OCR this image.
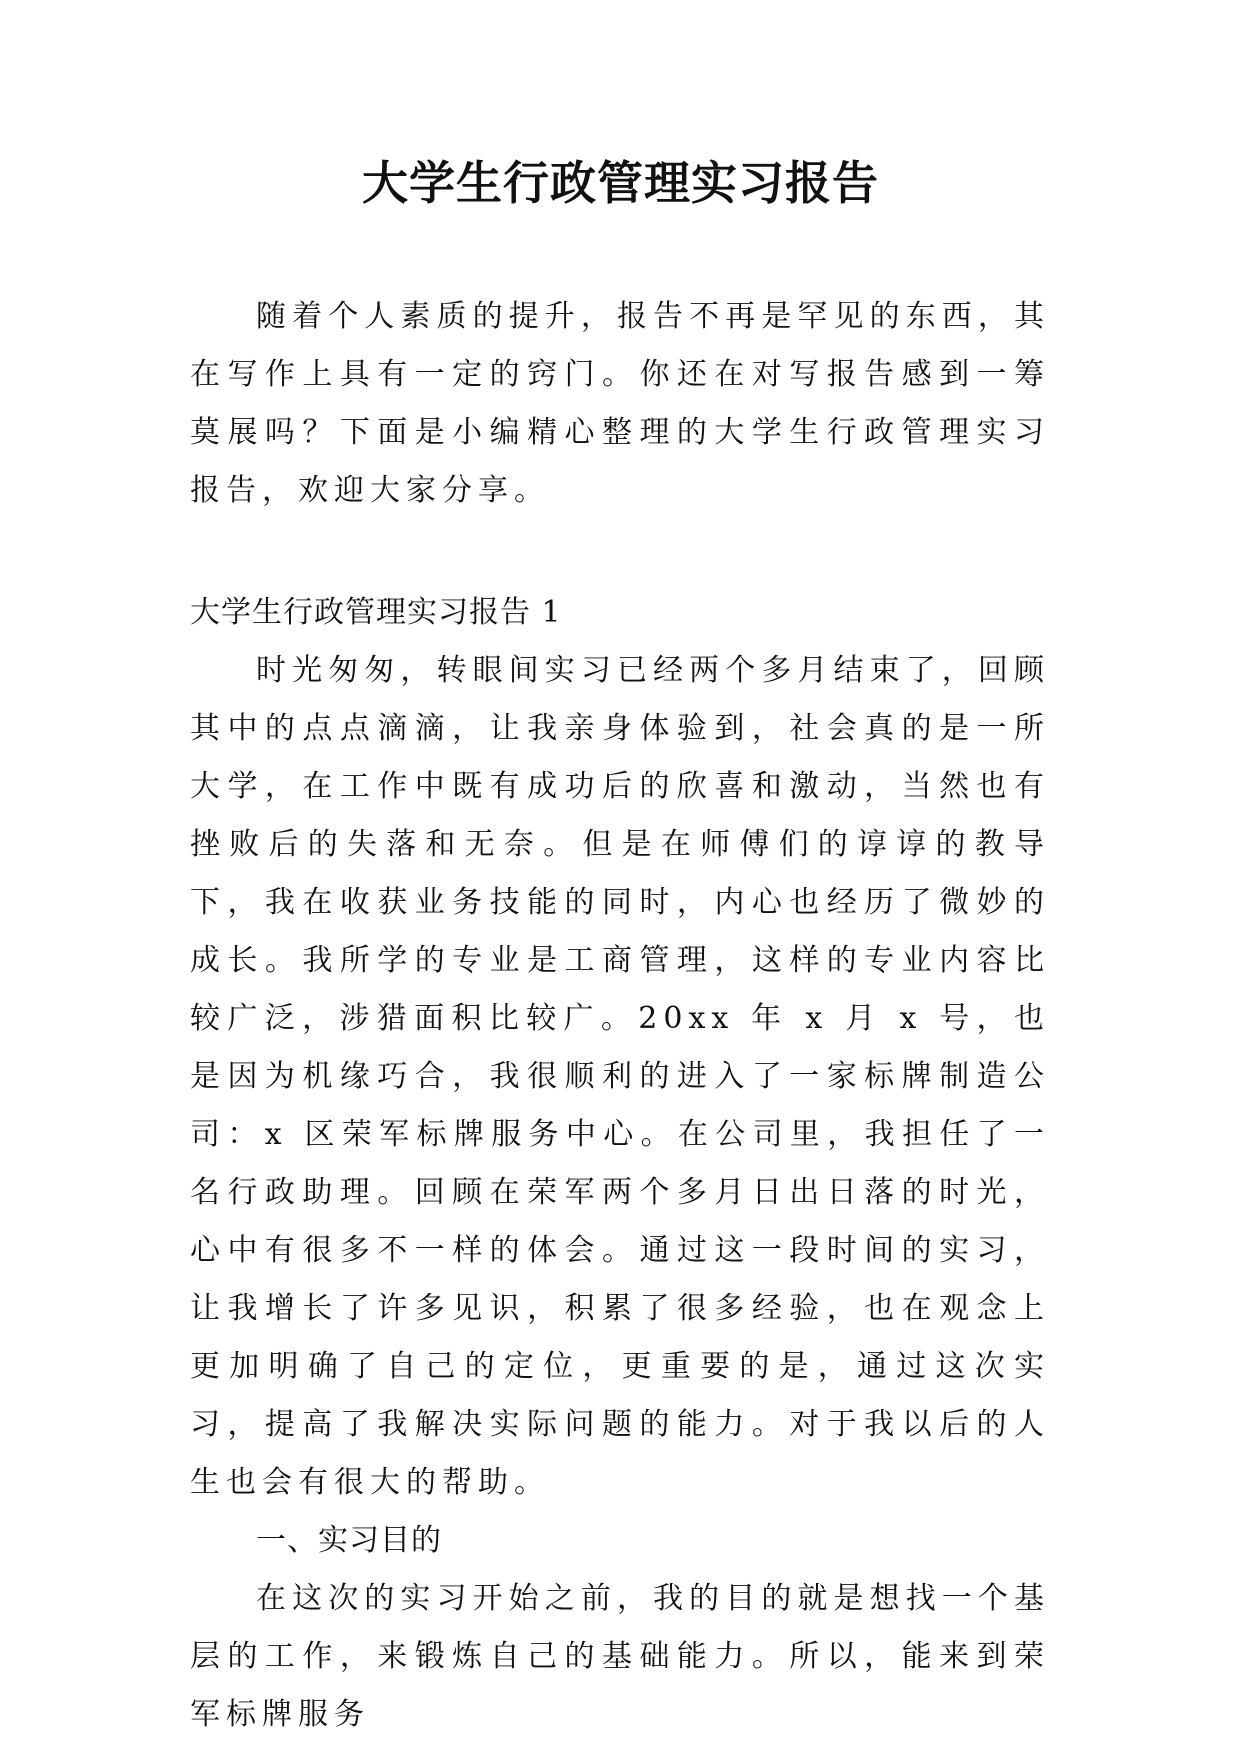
大学生行政管理实习报告

随着个人素质的提升，报告不再是罕见的东西，其在写作上具有一定的窍门。你还在对写报告感到一筹莫展吗？下面是小编精心整理的大学生行政管理实习报告，欢迎大家分享。

大学生行政管理实习报告 1

时光匆匆，转眼间实习已经两个多月结束了，回顾其中的点点滴滴，让我亲身体验到，社会真的是一所大学，在工作中既有成功后的欣喜和激动，当然也有挫败后的失落和无奈。但是在师傅们的谆谆的教导下，我在收获业务技能的同时，内心也经历了微妙的成长。我所学的专业是工商管理，这样的专业内容比较广泛，涉猎面积比较广。20xx 年 x 月 x 号，也是因为机缘巧合，我很顺利的进入了一家标牌制造公司：x 区荣军标牌服务中心。在公司里，我担任了一名行政助理。回顾在荣军两个多月日出日落的时光，心中有很多不一样的体会。通过这一段时间的实习，让我增长了许多见识，积累了很多经验，也在观念上更加明确了自己的定位，更重要的是，通过这次实习，提高了我解决实际问题的能力。对于我以后的人生也会有很大的帮助。

一、实习目的

在这次的实习开始之前，我的目的就是想找一个基层的工作，来锻炼自己的基础能力。所以，能来到荣军标牌服务
